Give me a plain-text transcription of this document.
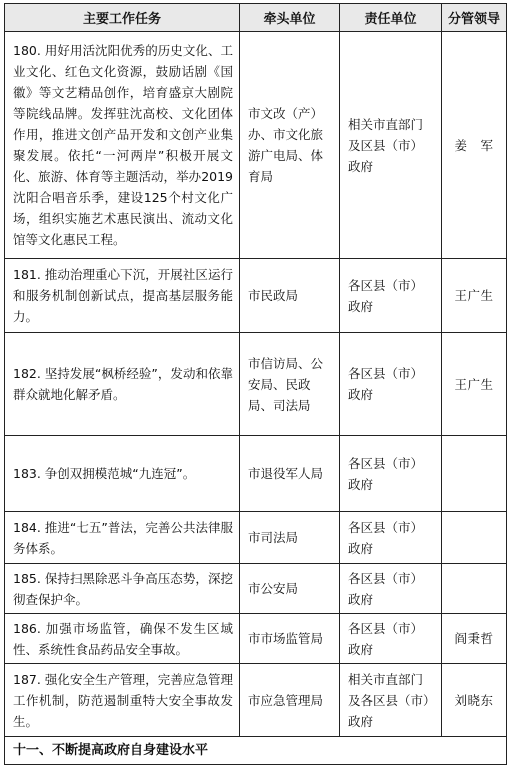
主要工作任务	牵头单位	责任单位	分管领导
180. 用好用活沈阳优秀的历史文化、工业文化、红色文化资源，鼓励话剧《国徽》等文艺精品创作，培育盛京大剧院等院线品牌。发挥驻沈高校、文化团体作用，推进文创产品开发和文创产业集聚发展。依托“一河两岸”积极开展文化、旅游、体育等主题活动，举办2019沈阳合唱音乐季，建设125个村文化广场，组织实施艺术惠民演出、流动文化馆等文化惠民工程。	市文改（产）办、市文化旅游广电局、体育局	相关市直部门及区县（市）政府	姜　军
181. 推动治理重心下沉，开展社区运行和服务机制创新试点，提高基层服务能力。	市民政局	各区县（市）政府	王广生
182. 坚持发展“枫桥经验”，发动和依靠群众就地化解矛盾。	市信访局、公安局、民政局、司法局	各区县（市）政府	王广生
183. 争创双拥模范城“九连冠”。	市退役军人局	各区县（市）政府	
184. 推进“七五”普法，完善公共法律服务体系。	市司法局	各区县（市）政府	
185. 保持扫黑除恶斗争高压态势，深挖彻查保护伞。	市公安局	各区县（市）政府	
186. 加强市场监管，确保不发生区域性、系统性食品药品安全事故。	市市场监管局	各区县（市）政府	阎秉哲
187. 强化安全生产管理，完善应急管理工作机制，防范遏制重特大安全事故发生。	市应急管理局	相关市直部门及各区县（市）政府	刘晓东
十一、不断提高政府自身建设水平			
